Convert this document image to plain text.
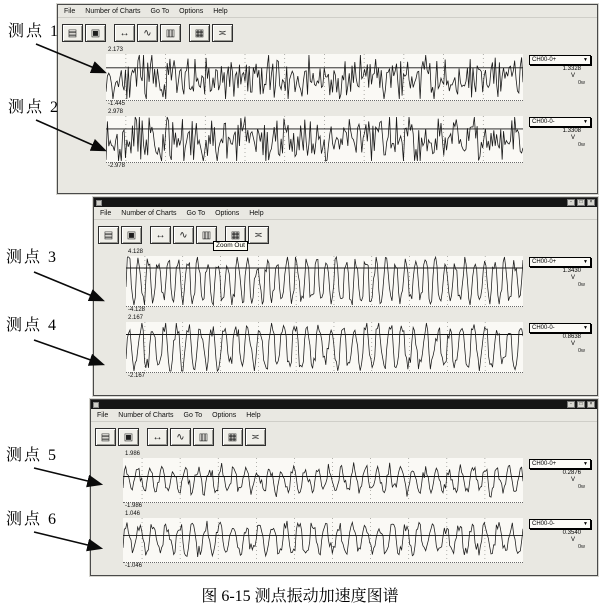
File Number of Charts Go To Options Help
▤	▣	↔	∿	▥	▦	≍
2.173
CH00-0+	▼
1.3328
V
0w
-1.445
2.978
CH00-0-	▼
1.3308
V
0w
-2.978
-	□	×
File Number of Charts Go To Options Help
▤	▣	↔	∿	▥	▦	≍
Zoom Out
4.128
CH00-0+	▼
1.3430
V
0w
-4.128
2.167
CH00-0-	▼
0.8638
V
0w
-2.167
-	□	×
File Number of Charts Go To Options Help
▤	▣	↔	∿	▥	▦	≍
1.986
CH00-0+	▼
0.2876
V
0w
-1.986
1.046
CH00-0-	▼
0.3540
V
0w
-1.046
测点 1
测点 2
测点 3
测点 4
测点 5
测点 6
图 6-15 测点振动加速度图谱
